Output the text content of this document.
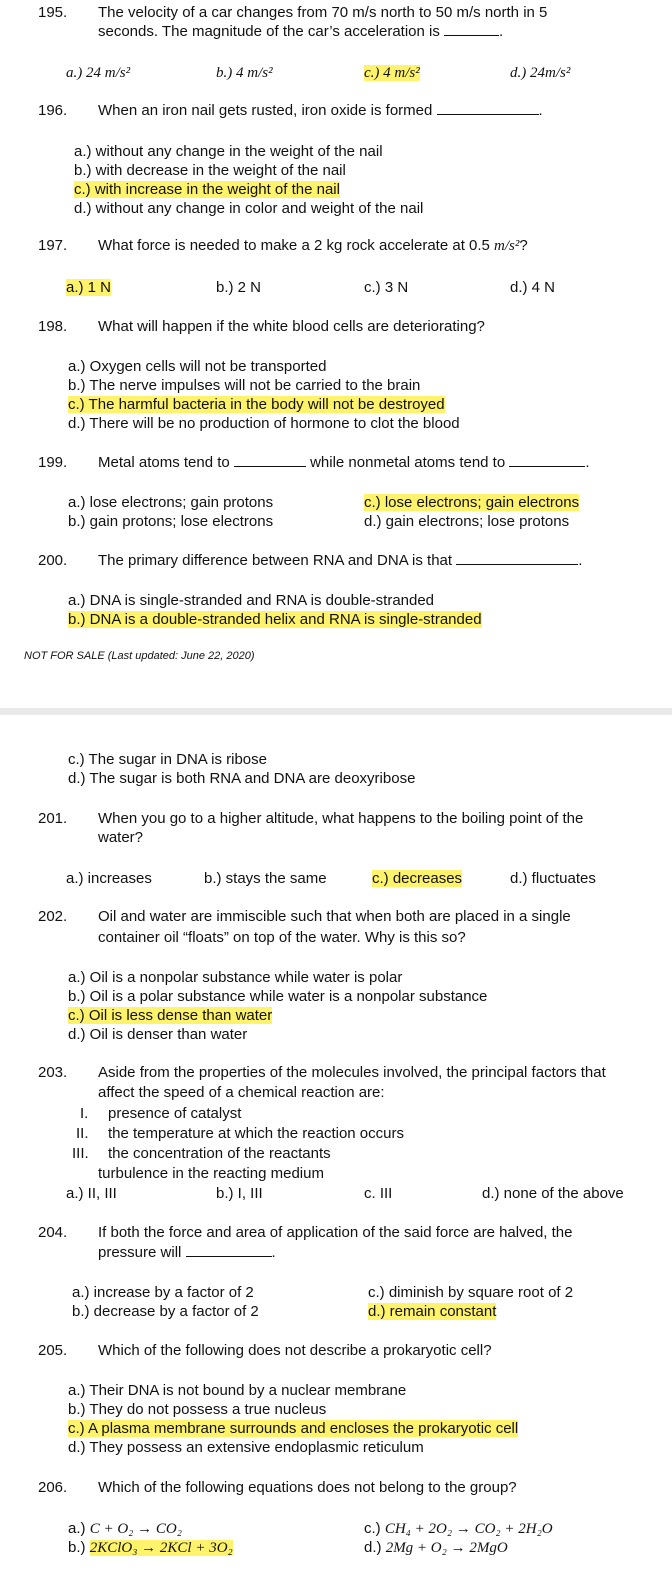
195. The velocity of a car changes from 70 m/s north to 50 m/s north in 5
seconds. The magnitude of the car’s acceleration is	.
a.) 24 m/s²	b.) 4 m/s²	c.) 4 m/s²	d.) 24m/s²
196. When an iron nail gets rusted, iron oxide is formed	.
a.) without any change in the weight of the nail
b.) with decrease in the weight of the nail
c.) with increase in the weight of the nail
d.) without any change in color and weight of the nail
197. What force is needed to make a 2 kg rock accelerate at 0.5 m/s²?
a.) 1 N	b.) 2 N	c.) 3 N	d.) 4 N
198. What will happen if the white blood cells are deteriorating?
a.) Oxygen cells will not be transported
b.) The nerve impulses will not be carried to the brain
c.) The harmful bacteria in the body will not be destroyed
d.) There will be no production of hormone to clot the blood
199. Metal atoms tend to	while nonmetal atoms tend to	.
a.) lose electrons; gain protons
b.) gain protons; lose electrons
c.) lose electrons; gain electrons
d.) gain electrons; lose protons
200. The primary difference between RNA and DNA is that	.
a.) DNA is single-stranded and RNA is double-stranded
b.) DNA is a double-stranded helix and RNA is single-stranded
NOT FOR SALE (Last updated: June 22, 2020)
c.) The sugar in DNA is ribose
d.) The sugar is both RNA and DNA are deoxyribose
201. When you go to a higher altitude, what happens to the boiling point of the
water?
a.) increases	b.) stays the same	c.) decreases	d.) fluctuates
202. Oil and water are immiscible such that when both are placed in a single
container oil “floats” on top of the water. Why is this so?
a.) Oil is a nonpolar substance while water is polar
b.) Oil is a polar substance while water is a nonpolar substance
c.) Oil is less dense than water
d.) Oil is denser than water
203. Aside from the properties of the molecules involved, the principal factors that
affect the speed of a chemical reaction are:
I.
II.
III.
presence of catalyst
the temperature at which the reaction occurs
the concentration of the reactants
turbulence in the reacting medium
a.) II, III	b.) I, III	c. III	d.) none of the above
204. If both the force and area of application of the said force are halved, the
pressure will	.
a.) increase by a factor of 2
b.) decrease by a factor of 2
c.) diminish by square root of 2
d.) remain constant
205. Which of the following does not describe a prokaryotic cell?
a.) Their DNA is not bound by a nuclear membrane
b.) They do not possess a true nucleus
c.) A plasma membrane surrounds and encloses the prokaryotic cell
d.) They possess an extensive endoplasmic reticulum
206. Which of the following equations does not belong to the group?
a.) C + O₂ → CO₂
b.) 2KClO₃ → 2KCl + 3O₂
c.) CH₄ + 2O₂ → CO₂ + 2H₂O
d.) 2Mg + O₂ → 2MgO
